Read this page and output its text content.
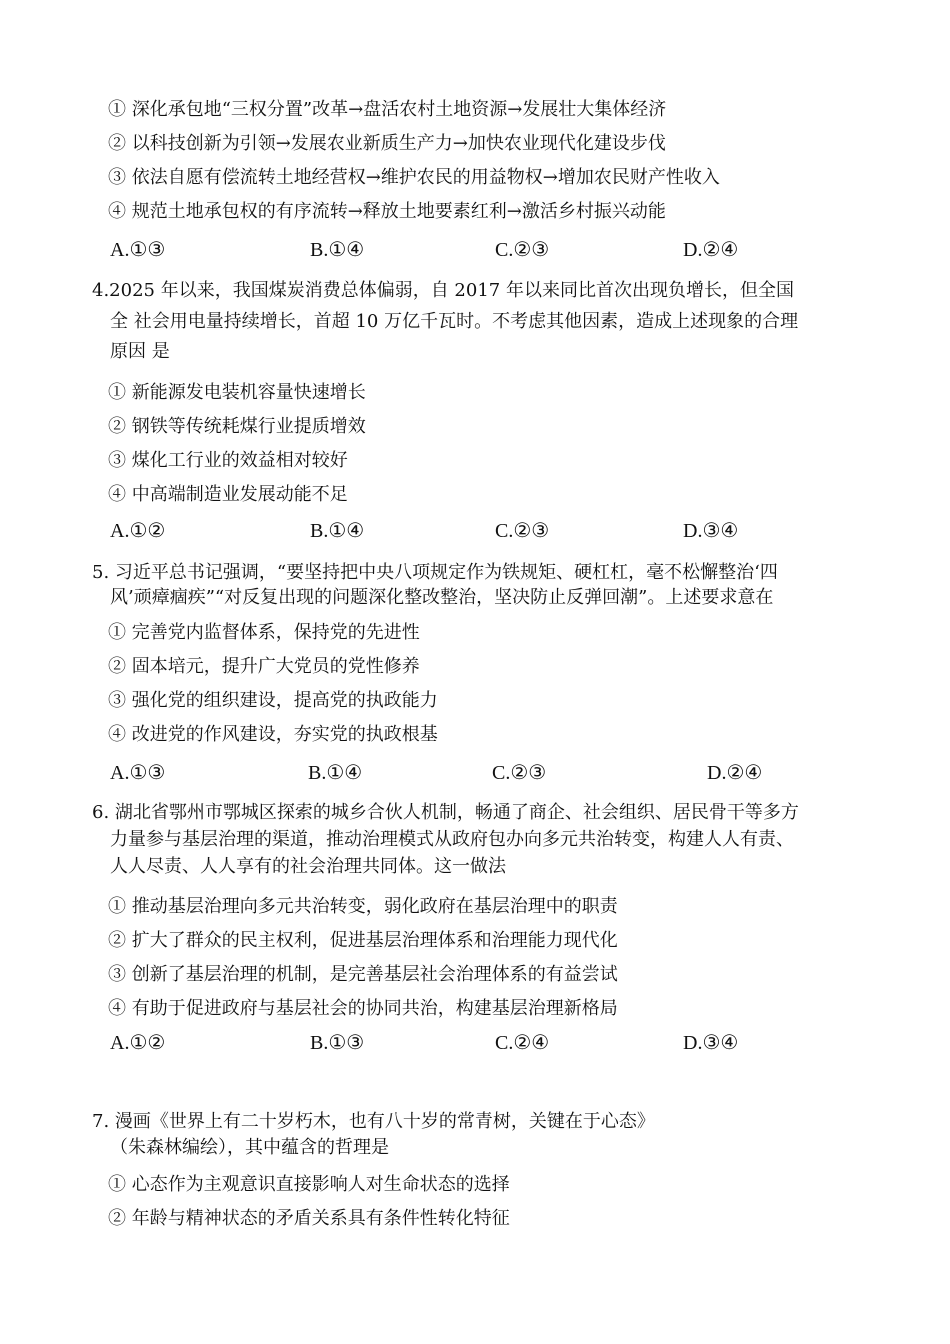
① 深化承包地“三权分置”改革→盘活农村土地资源→发展壮大集体经济
② 以科技创新为引领→发展农业新质生产力→加快农业现代化建设步伐
③ 依法自愿有偿流转土地经营权→维护农民的用益物权→增加农民财产性收入
④ 规范土地承包权的有序流转→释放土地要素红利→激活乡村振兴动能
A.①③	B.①④	C.②③	D.②④
4.2025 年以来，我国煤炭消费总体偏弱，自 2017 年以来同比首次出现负增长，但全国
全 社会用电量持续增长，首超 10 万亿千瓦时。不考虑其他因素，造成上述现象的合理
原因 是
① 新能源发电装机容量快速增长
② 钢铁等传统耗煤行业提质增效
③ 煤化工行业的效益相对较好
④ 中高端制造业发展动能不足
A.①②	B.①④	C.②③	D.③④
5. 习近平总书记强调，“要坚持把中央八项规定作为铁规矩、硬杠杠，毫不松懈整治‘四
风’顽瘴痼疾”“对反复出现的问题深化整改整治，坚决防止反弹回潮”。上述要求意在
① 完善党内监督体系，保持党的先进性
② 固本培元，提升广大党员的党性修养
③ 强化党的组织建设，提高党的执政能力
④ 改进党的作风建设，夯实党的执政根基
A.①③	B.①④	C.②③	D.②④
6. 湖北省鄂州市鄂城区探索的城乡合伙人机制，畅通了商企、社会组织、居民骨干等多方
力量参与基层治理的渠道，推动治理模式从政府包办向多元共治转变，构建人人有责、
人人尽责、人人享有的社会治理共同体。这一做法
① 推动基层治理向多元共治转变，弱化政府在基层治理中的职责
② 扩大了群众的民主权利，促进基层治理体系和治理能力现代化
③ 创新了基层治理的机制，是完善基层社会治理体系的有益尝试
④ 有助于促进政府与基层社会的协同共治，构建基层治理新格局
A.①②	B.①③	C.②④	D.③④
7. 漫画《世界上有二十岁朽木，也有八十岁的常青树，关键在于心态》
（朱森林编绘），其中蕴含的哲理是
① 心态作为主观意识直接影响人对生命状态的选择
② 年龄与精神状态的矛盾关系具有条件性转化特征
